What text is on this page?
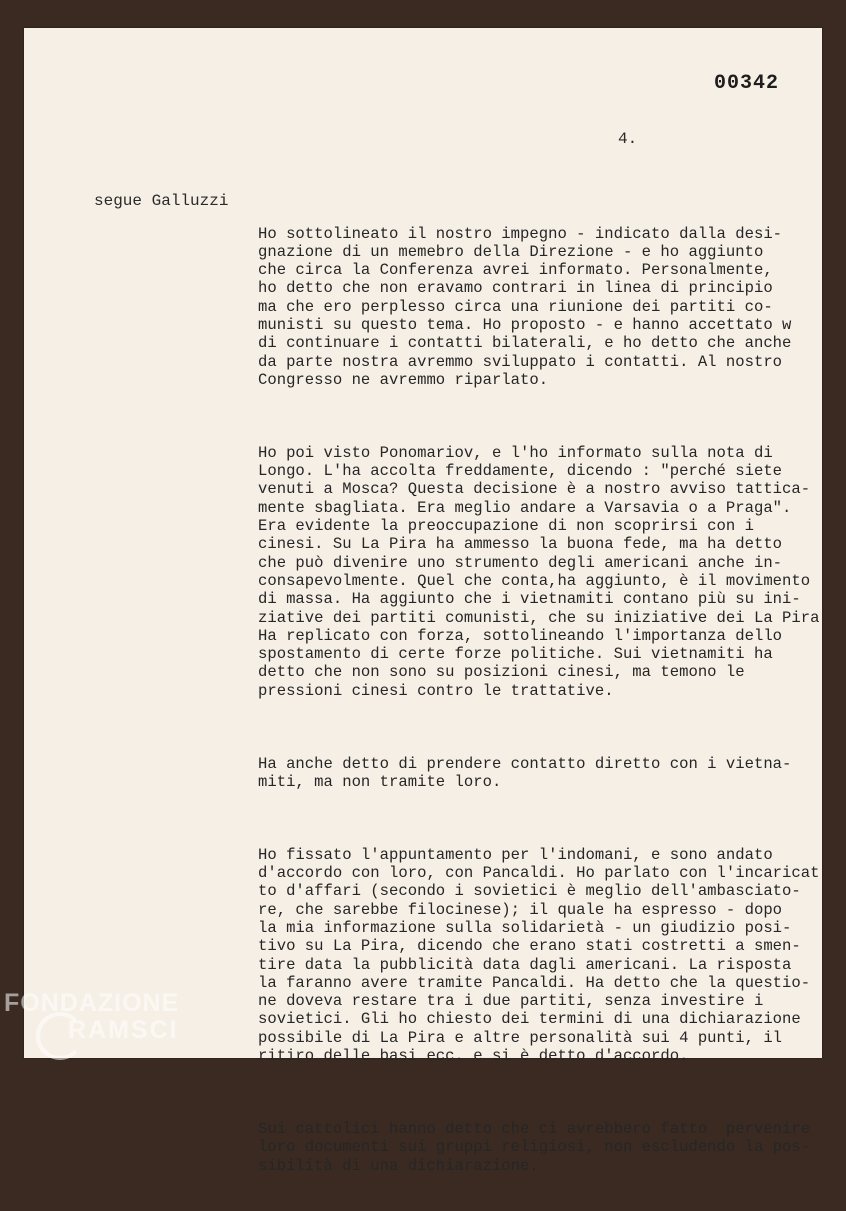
00342
4.
segue Galluzzi

Ho sottolineato il nostro impegno - indicato dalla desi-
gnazione di un memebro della Direzione - e ho aggiunto
che circa la Conferenza avrei informato. Personalmente,
ho detto che non eravamo contrari in linea di principio
ma che ero perplesso circa una riunione dei partiti co-
munisti su questo tema. Ho proposto - e hanno accettato w
di continuare i contatti bilaterali, e ho detto che anche
da parte nostra avremmo sviluppato i contatti. Al nostro
Congresso ne avremmo riparlato.

Ho poi visto Ponomariov, e l'ho informato sulla nota di
Longo. L'ha accolta freddamente, dicendo : "perché siete
venuti a Mosca? Questa decisione è a nostro avviso tattica-
mente sbagliata. Era meglio andare a Varsavia o a Praga".
Era evidente la preoccupazione di non scoprirsi con i
cinesi. Su La Pira ha ammesso la buona fede, ma ha detto
che può divenire uno strumento degli americani anche in-
consapevolmente. Quel che conta,ha aggiunto, è il movimento
di massa. Ha aggiunto che i vietnamiti contano più su ini-
ziative dei partiti comunisti, che su iniziative dei La Pira
Ha replicato con forza, sottolineando l'importanza dello
spostamento di certe forze politiche. Sui vietnamiti ha
detto che non sono su posizioni cinesi, ma temono le
pressioni cinesi contro le trattative.

Ha anche detto di prendere contatto diretto con i vietna-
miti, ma non tramite loro.

Ho fissato l'appuntamento per l'indomani, e sono andato
d'accordo con loro, con Pancaldi. Ho parlato con l'incaricat
to d'affari (secondo i sovietici è meglio dell'ambasciato-
re, che sarebbe filocinese); il quale ha espresso - dopo
la mia informazione sulla solidarietà - un giudizio posi-
tivo su La Pira, dicendo che erano stati costretti a smen-
tire data la pubblicità data dagli americani. La risposta
la faranno avere tramite Pancaldi. Ha detto che la questio-
ne doveva restare tra i due partiti, senza investire i
sovietici. Gli ho chiesto dei termini di una dichiarazione
possibile di La Pira e altre personalità sui 4 punti, il
ritiro delle basi ecc. e si è detto d'accordo.

Sui cattolici hanno detto che ci avrebbero fatto  pervenire
loro documenti sui gruppi religiosi, non escludendo la pos-
sibilità di una dichiarazione.

FONDAZIONE
RAMSCI
